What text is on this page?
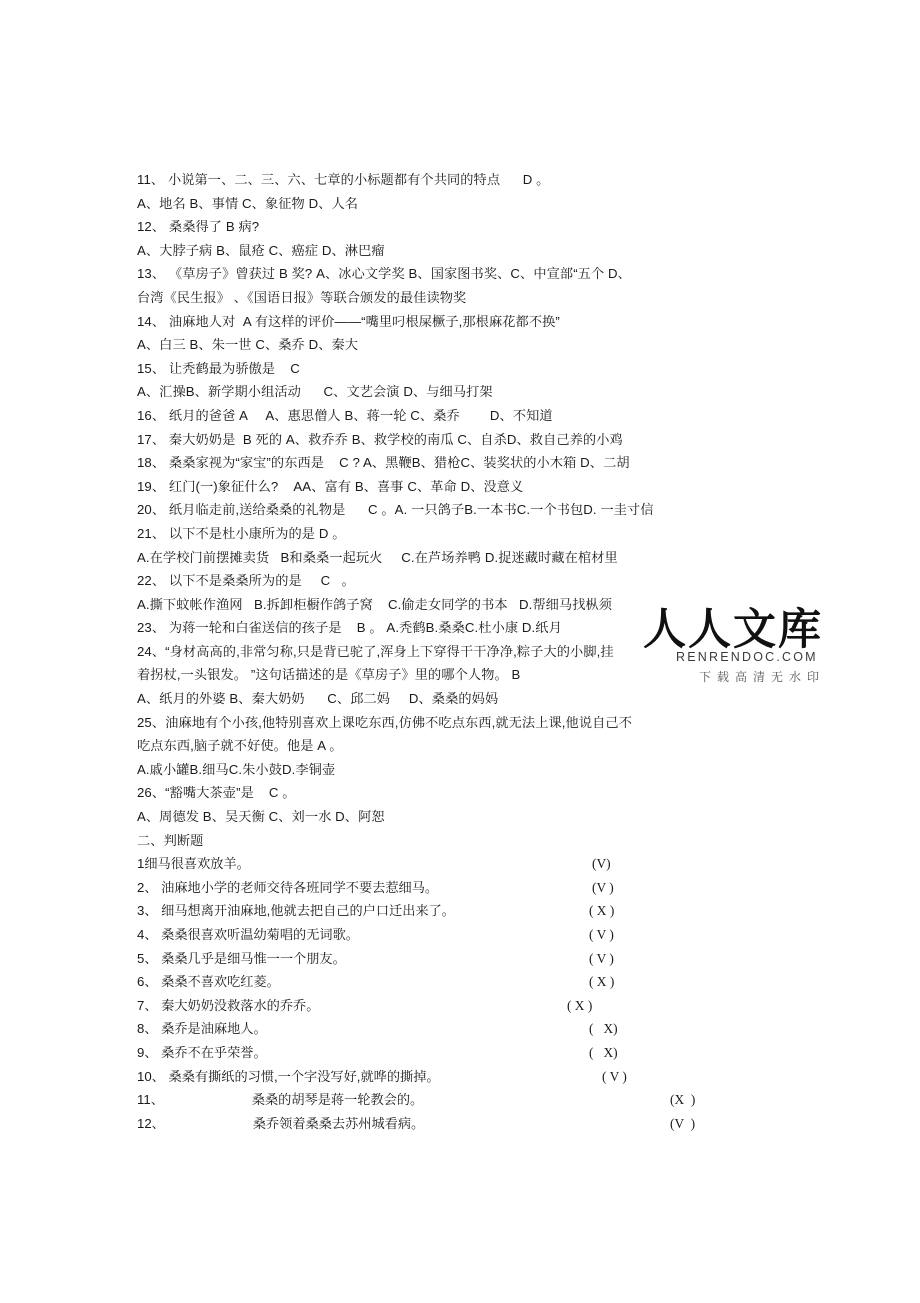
11、 小说第一、二、三、六、七章的小标题都有个共同的特点      D 。
A、地名 B、事情 C、象征物 D、人名
12、 桑桑得了 B 病?
A、大脖子病 B、鼠疮 C、癌症 D、淋巴瘤
13、 《草房子》曾获过 B 奖? A、冰心文学奖 B、国家图书奖、C、中宣部“五个 D、
台湾《民生报》 、《国语日报》等联合颁发的最佳读物奖
14、 油麻地人对  A 有这样的评价——“嘴里叼根屎橛子,那根麻花都不换”
A、白三 B、朱一世 C、桑乔 D、秦大
15、 让秃鹤最为骄傲是    C
A、汇操B、新学期小组活动      C、文艺会演 D、与细马打架
16、 纸月的爸爸 A     A、惠思僧人 B、蒋一轮 C、桑乔        D、不知道
17、 秦大奶奶是  B 死的 A、救乔乔 B、救学校的南瓜 C、自杀D、救自己养的小鸡
18、 桑桑家视为“家宝”的东西是    C ? A、黑鞭B、猎枪C、装奖状的小木箱 D、二胡
19、 红门(一)象征什么?    AA、富有 B、喜事 C、革命 D、没意义
20、 纸月临走前,送给桑桑的礼物是      C 。A. 一只鸽子B.一本书C.一个书包D. 一圭寸信
21、 以下不是杜小康所为的是 D 。
A.在学校门前摆摊卖货   B和桑桑一起玩火     C.在芦场养鸭 D.捉迷藏时藏在棺材里
22、 以下不是桑桑所为的是     C   。
A.撕下蚊帐作渔网   B.拆卸柜橱作鸽子窝    C.偷走女同学的书本   D.帮细马找枞须
23、 为蒋一轮和白雀送信的孩子是    B 。 A.秃鹤B.桑桑C.杜小康 D.纸月
24、“身材高高的,非常匀称,只是背已驼了,浑身上下穿得干干净净,粽子大的小脚,挂
着拐杖,一头银发。 ”这句话描述的是《草房子》里的哪个人物。 B
A、纸月的外婆 B、秦大奶奶      C、邱二妈     D、桑桑的妈妈
25、油麻地有个小孩,他特别喜欢上课吃东西,仿佛不吃点东西,就无法上课,他说自己不
吃点东西,脑子就不好使。他是 A 。
A.戚小罐B.细马C.朱小鼓D.李铜壶
26、“豁嘴大茶壶”是    C 。
A、周德发 B、吴天衡 C、刘一水 D、阿恕
二、判断题
1细马很喜欢放羊。	(V)
2、 油麻地小学的老师交待各班同学不要去惹细马。	(V )
3、 细马想离开油麻地,他就去把自己的户口迁出来了。	( X )
4、 桑桑很喜欢听温幼菊唱的无词歌。	( V )
5、 桑桑几乎是细马惟一一个朋友。	( V )
6、 桑桑不喜欢吃红菱。	( X )
7、 秦大奶奶没救落水的乔乔。	( X )
8、 桑乔是油麻地人。	(   X)
9、 桑乔不在乎荣誉。	(   X)
10、 桑桑有撕纸的习惯,一个字没写好,就哗的撕掉。	( V )
11、                        桑桑的胡琴是蒋一轮教会的。	(X  )
12、                        桑乔领着桑桑去苏州城看病。	(V  )
人人文库
RENRENDOC.COM
下载高清无水印
